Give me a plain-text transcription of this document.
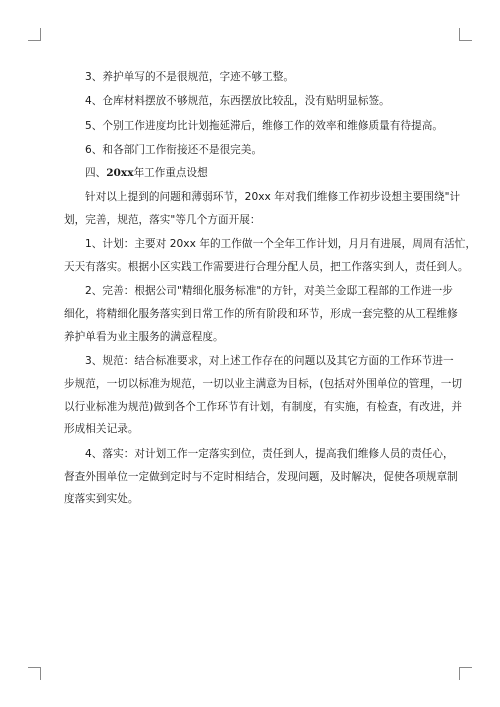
3、养护单写的不是很规范，字迹不够工整。

4、仓库材料摆放不够规范，东西摆放比较乱，没有贴明显标签。

5、个别工作进度均比计划拖延滞后，维修工作的效率和维修质量有待提高。

6、和各部门工作衔接还不是很完美。

四、20xx年工作重点设想

针对以上提到的问题和薄弱环节，20xx 年对我们维修工作初步设想主要围绕"计
划，完善，规范，落实"等几个方面开展：
1、计划：主要对 20xx 年的工作做一个全年工作计划，月月有进展，周周有活忙，
天天有落实。根据小区实践工作需要进行合理分配人员，把工作落实到人，责任到人。
2、完善：根据公司"精细化服务标准"的方针，对美兰金邸工程部的工作进一步
细化，将精细化服务落实到日常工作的所有阶段和环节，形成一套完整的从工程维修
养护单看为业主服务的满意程度。
3、规范：结合标准要求，对上述工作存在的问题以及其它方面的工作环节进一
步规范，一切以标准为规范，一切以业主满意为目标，(包括对外围单位的管理，一切
以行业标准为规范)做到各个工作环节有计划，有制度，有实施，有检查，有改进，并
形成相关记录。
4、落实：对计划工作一定落实到位，责任到人，提高我们维修人员的责任心，
督查外围单位一定做到定时与不定时相结合，发现问题，及时解决，促使各项规章制
度落实到实处。
